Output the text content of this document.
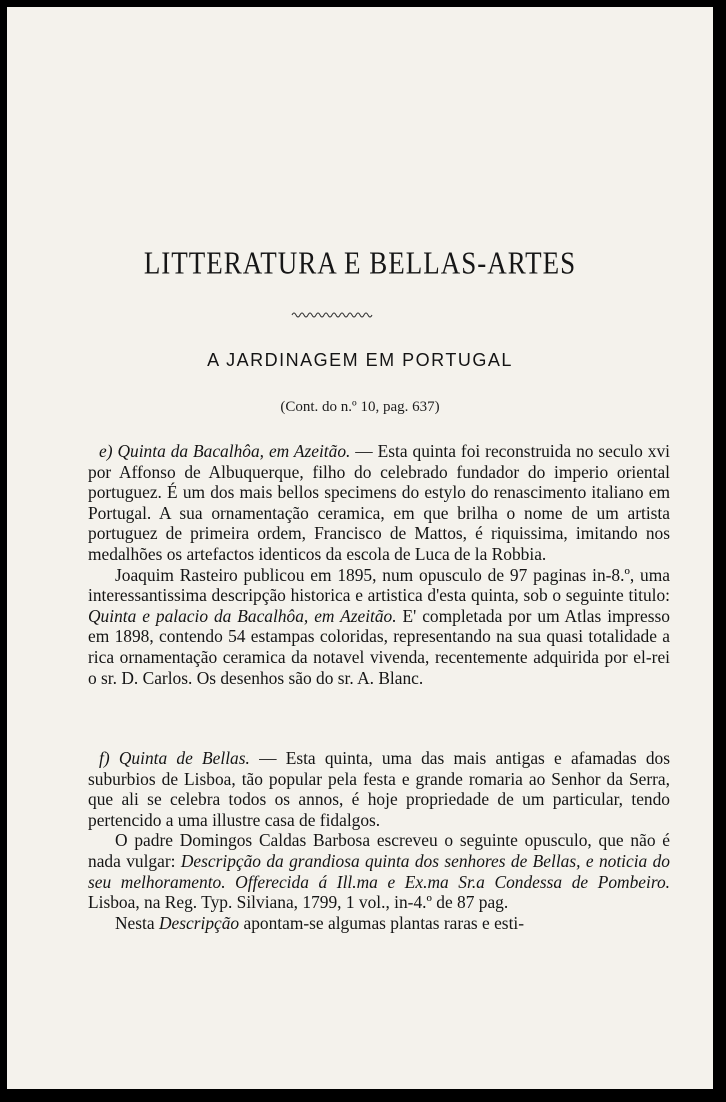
LITTERATURA E BELLAS-ARTES
A JARDINAGEM EM PORTUGAL
(Cont. do n.º 10, pag. 637)

e) Quinta da Bacalhôa, em Azeitão. — Esta quinta foi reconstruida no seculo xvi por Affonso de Albuquerque, filho do celebrado fundador do imperio oriental portuguez. É um dos mais bellos specimens do estylo do renascimento italiano em Portugal. A sua ornamentação ceramica, em que brilha o nome de um artista portuguez de primeira ordem, Francisco de Mattos, é riquissima, imitando nos medalhões os artefactos identicos da escola de Luca de la Robbia.

Joaquim Rasteiro publicou em 1895, num opusculo de 97 paginas in-8.º, uma interessantissima descripção historica e artistica d'esta quinta, sob o seguinte titulo: Quinta e palacio da Bacalhôa, em Azeitão. E' completada por um Atlas impresso em 1898, contendo 54 estampas coloridas, representando na sua quasi totalidade a rica ornamentação ceramica da notavel vivenda, recentemente adquirida por el-rei o sr. D. Carlos. Os desenhos são do sr. A. Blanc.

f) Quinta de Bellas. — Esta quinta, uma das mais antigas e afamadas dos suburbios de Lisboa, tão popular pela festa e grande romaria ao Senhor da Serra, que ali se celebra todos os annos, é hoje propriedade de um particular, tendo pertencido a uma illustre casa de fidalgos.

O padre Domingos Caldas Barbosa escreveu o seguinte opusculo, que não é nada vulgar: Descripção da grandiosa quinta dos senhores de Bellas, e noticia do seu melhoramento. Offerecida á Ill.ma e Ex.ma Sr.a Condessa de Pombeiro. Lisboa, na Reg. Typ. Silviana, 1799, 1 vol., in-4.º de 87 pag.

Nesta Descripção apontam-se algumas plantas raras e esti-
